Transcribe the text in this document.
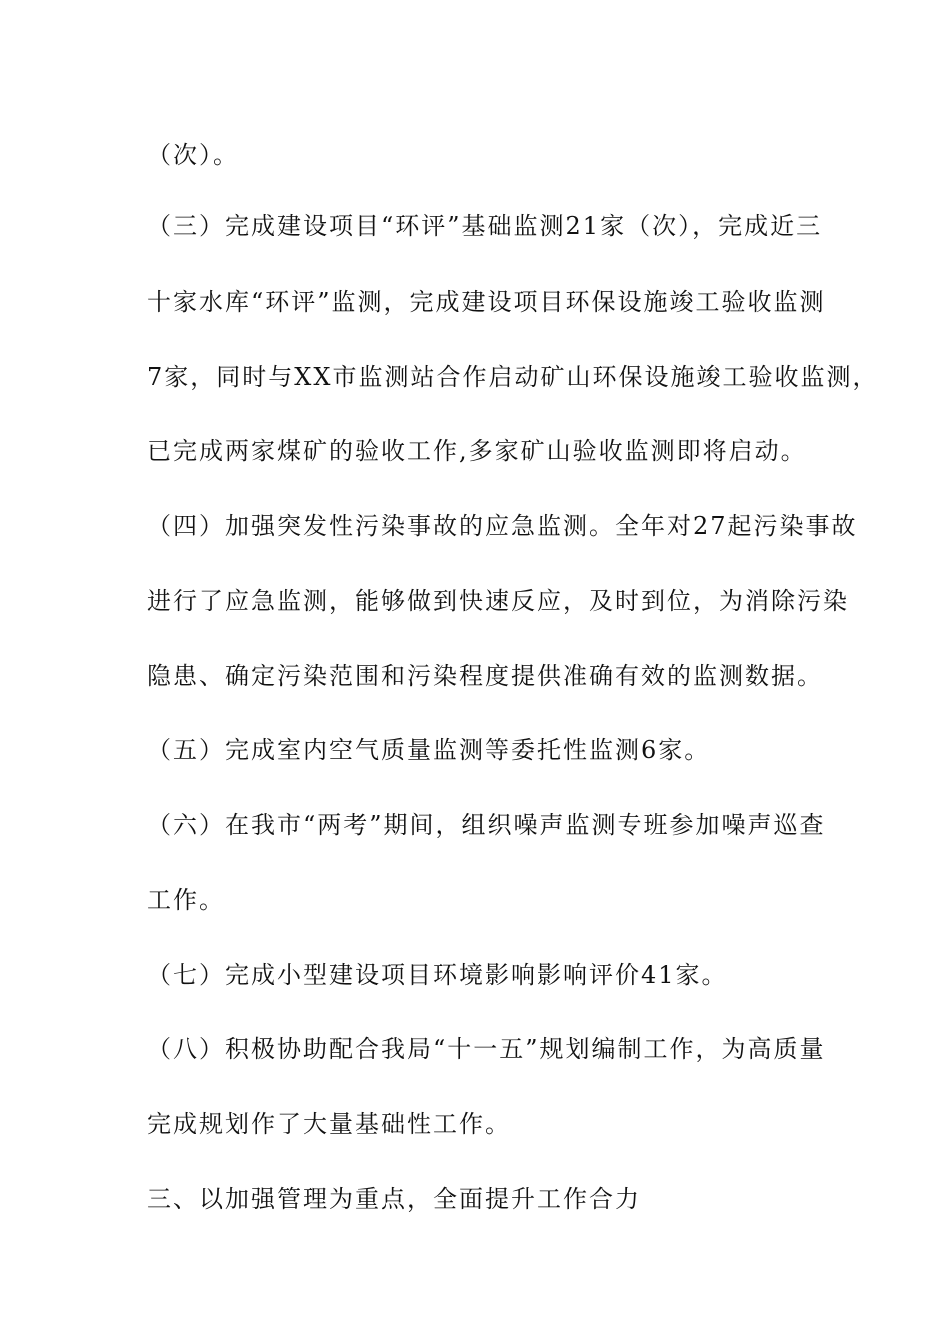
（次）。
（三）完成建设项目“环评”基础监测21家（次），完成近三
十家水库“环评”监测，完成建设项目环保设施竣工验收监测
7家，同时与XX市监测站合作启动矿山环保设施竣工验收监测，
已完成两家煤矿的验收工作,多家矿山验收监测即将启动。
（四）加强突发性污染事故的应急监测。全年对27起污染事故
进行了应急监测，能够做到快速反应，及时到位，为消除污染
隐患、确定污染范围和污染程度提供准确有效的监测数据。
（五）完成室内空气质量监测等委托性监测6家。
（六）在我市“两考”期间，组织噪声监测专班参加噪声巡查
工作。
（七）完成小型建设项目环境影响影响评价41家。
（八）积极协助配合我局“十一五”规划编制工作，为高质量
完成规划作了大量基础性工作。
三、以加强管理为重点，全面提升工作合力
